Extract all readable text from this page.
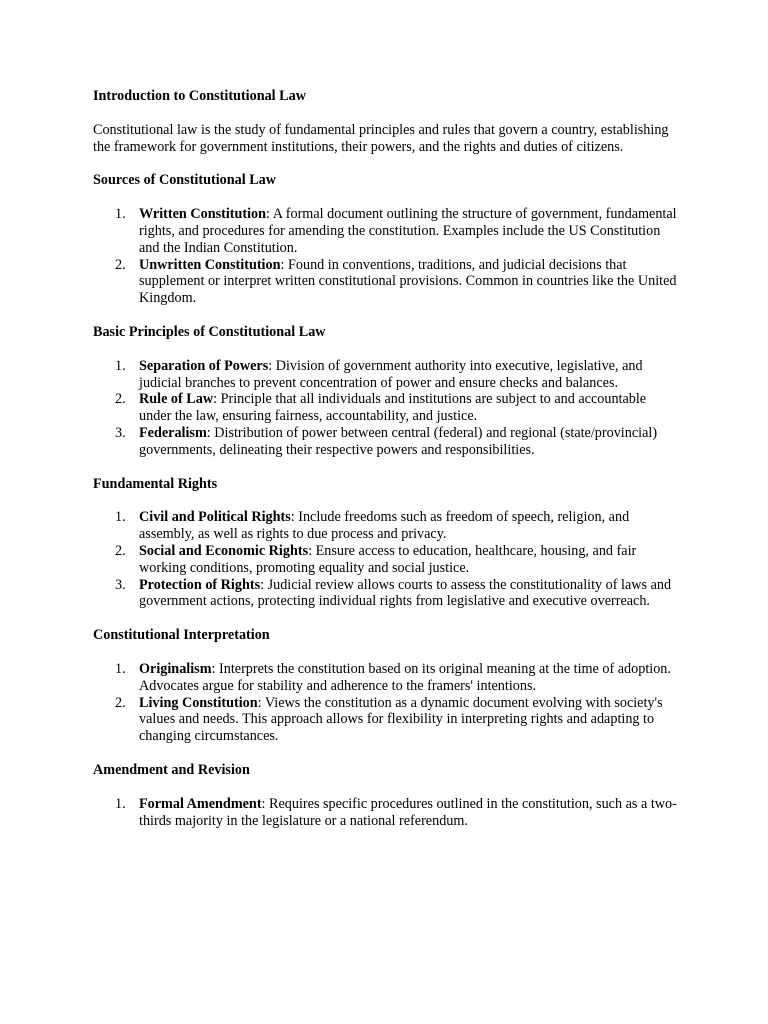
Introduction to Constitutional Law

Constitutional law is the study of fundamental principles and rules that govern a country, establishing the framework for government institutions, their powers, and the rights and duties of citizens.

Sources of Constitutional Law

1. Written Constitution: A formal document outlining the structure of government, fundamental rights, and procedures for amending the constitution. Examples include the US Constitution and the Indian Constitution.
2. Unwritten Constitution: Found in conventions, traditions, and judicial decisions that supplement or interpret written constitutional provisions. Common in countries like the United Kingdom.

Basic Principles of Constitutional Law

1. Separation of Powers: Division of government authority into executive, legislative, and judicial branches to prevent concentration of power and ensure checks and balances.
2. Rule of Law: Principle that all individuals and institutions are subject to and accountable under the law, ensuring fairness, accountability, and justice.
3. Federalism: Distribution of power between central (federal) and regional (state/provincial) governments, delineating their respective powers and responsibilities.

Fundamental Rights

1. Civil and Political Rights: Include freedoms such as freedom of speech, religion, and assembly, as well as rights to due process and privacy.
2. Social and Economic Rights: Ensure access to education, healthcare, housing, and fair working conditions, promoting equality and social justice.
3. Protection of Rights: Judicial review allows courts to assess the constitutionality of laws and government actions, protecting individual rights from legislative and executive overreach.

Constitutional Interpretation

1. Originalism: Interprets the constitution based on its original meaning at the time of adoption. Advocates argue for stability and adherence to the framers' intentions.
2. Living Constitution: Views the constitution as a dynamic document evolving with society's values and needs. This approach allows for flexibility in interpreting rights and adapting to changing circumstances.

Amendment and Revision

1. Formal Amendment: Requires specific procedures outlined in the constitution, such as a two-thirds majority in the legislature or a national referendum.
